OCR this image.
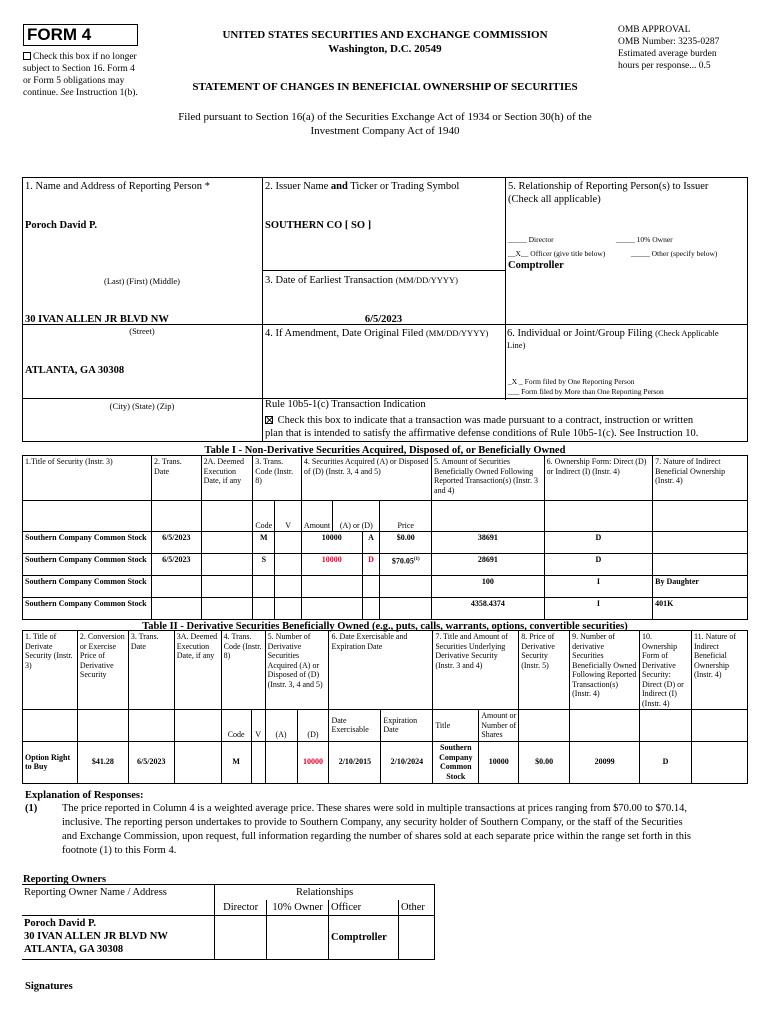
FORM 4
Check this box if no longer
subject to Section 16. Form 4
or Form 5 obligations may
continue. See Instruction 1(b).
UNITED STATES SECURITIES AND EXCHANGE COMMISSION
Washington, D.C. 20549
OMB APPROVAL
OMB Number: 3235-0287
Estimated average burden
hours per response... 0.5
STATEMENT OF CHANGES IN BENEFICIAL OWNERSHIP OF SECURITIES
Filed pursuant to Section 16(a) of the Securities Exchange Act of 1934 or Section 30(h) of the
Investment Company Act of 1940
1. Name and Address of Reporting Person *
Poroch David P.
(Last) (First) (Middle)
30 IVAN ALLEN JR BLVD NW
(Street)
ATLANTA, GA 30308
(City) (State) (Zip)
2. Issuer Name and Ticker or Trading Symbol
SOUTHERN CO [ SO ]
3. Date of Earliest Transaction (MM/DD/YYYY)
6/5/2023
4. If Amendment, Date Original Filed (MM/DD/YYYY)
5. Relationship of Reporting Person(s) to Issuer
(Check all applicable)
_____ Director	_____ 10% Owner
__X__ Officer (give title below)	_____ Other (specify below)
Comptroller
6. Individual or Joint/Group Filing (Check Applicable
Line)
_X _ Form filed by One Reporting Person
___ Form filed by More than One Reporting Person
Rule 10b5-1(c) Transaction Indication
Check this box to indicate that a transaction was made pursuant to a contract, instruction or written
plan that is intended to satisfy the affirmative defense conditions of Rule 10b5-1(c). See Instruction 10.
Table I - Non-Derivative Securities Acquired, Disposed of, or Beneficially Owned
1.Title of Security (Instr. 3)	2. Trans. Date	2A. Deemed Execution Date, if any	3. Trans. Code (Instr. 8)		4. Securities Acquired (A) or Disposed of (D) (Instr. 3, 4 and 5)				5. Amount of Securities Beneficially Owned Following Reported Transaction(s) (Instr. 3 and 4)	6. Ownership Form: Direct (D) or Indirect (I) (Instr. 4)	7. Nature of Indirect Beneficial Ownership (Instr. 4)
			Code	V	Amount	(A) or (D)		Price			
Southern Company Common Stock	6/5/2023		M		10000		A	$0.00	38691	D	
Southern Company Common Stock	6/5/2023		S		10000		D	$70.05$^{(1)}$	28691	D	
Southern Company Common Stock									100	I	By Daughter
Southern Company Common Stock									4358.4374	I	401K
Table II - Derivative Securities Beneficially Owned (e.g., puts, calls, warrants, options, convertible securities)
1. Title of Derivate Security (Instr. 3)	2. Conversion or Exercise Price of Derivative Security	3. Trans. Date	3A. Deemed Execution Date, if any	4. Trans. Code (Instr. 8)		5. Number of Derivative Securities Acquired (A) or Disposed of (D) (Instr. 3, 4 and 5)		6. Date Exercisable and Expiration Date		7. Title and Amount of Securities Underlying Derivative Security (Instr. 3 and 4)		8. Price of Derivative Security (Instr. 5)	9. Number of derivative Securities Beneficially Owned Following Reported Transaction(s) (Instr. 4)	10. Ownership Form of Derivative Security: Direct (D) or Indirect (I) (Instr. 4)	11. Nature of Indirect Beneficial Ownership (Instr. 4)
				Code	V	(A)	(D)	Date Exercisable	Expiration Date	Title	Amount or Number of Shares				
Option Right to Buy	$41.28	6/5/2023		M			10000	2/10/2015	2/10/2024	Southern Company Common Stock	10000	$0.00	20099	D	
Explanation of Responses:
(1) The price reported in Column 4 is a weighted average price. These shares were sold in multiple transactions at prices ranging from $70.00 to $70.14,
inclusive. The reporting person undertakes to provide to Southern Company, any security holder of Southern Company, or the staff of the Securities
and Exchange Commission, upon request, full information regarding the number of shares sold at each separate price within the range set forth in this
footnote (1) to this Form 4.
Reporting Owners
Reporting Owner Name / Address	Relationships			
	Director	10% Owner	Officer	Other

Poroch David P.
30 IVAN ALLEN JR BLVD NW
ATLANTA, GA 30308			Comptroller	
Signatures
